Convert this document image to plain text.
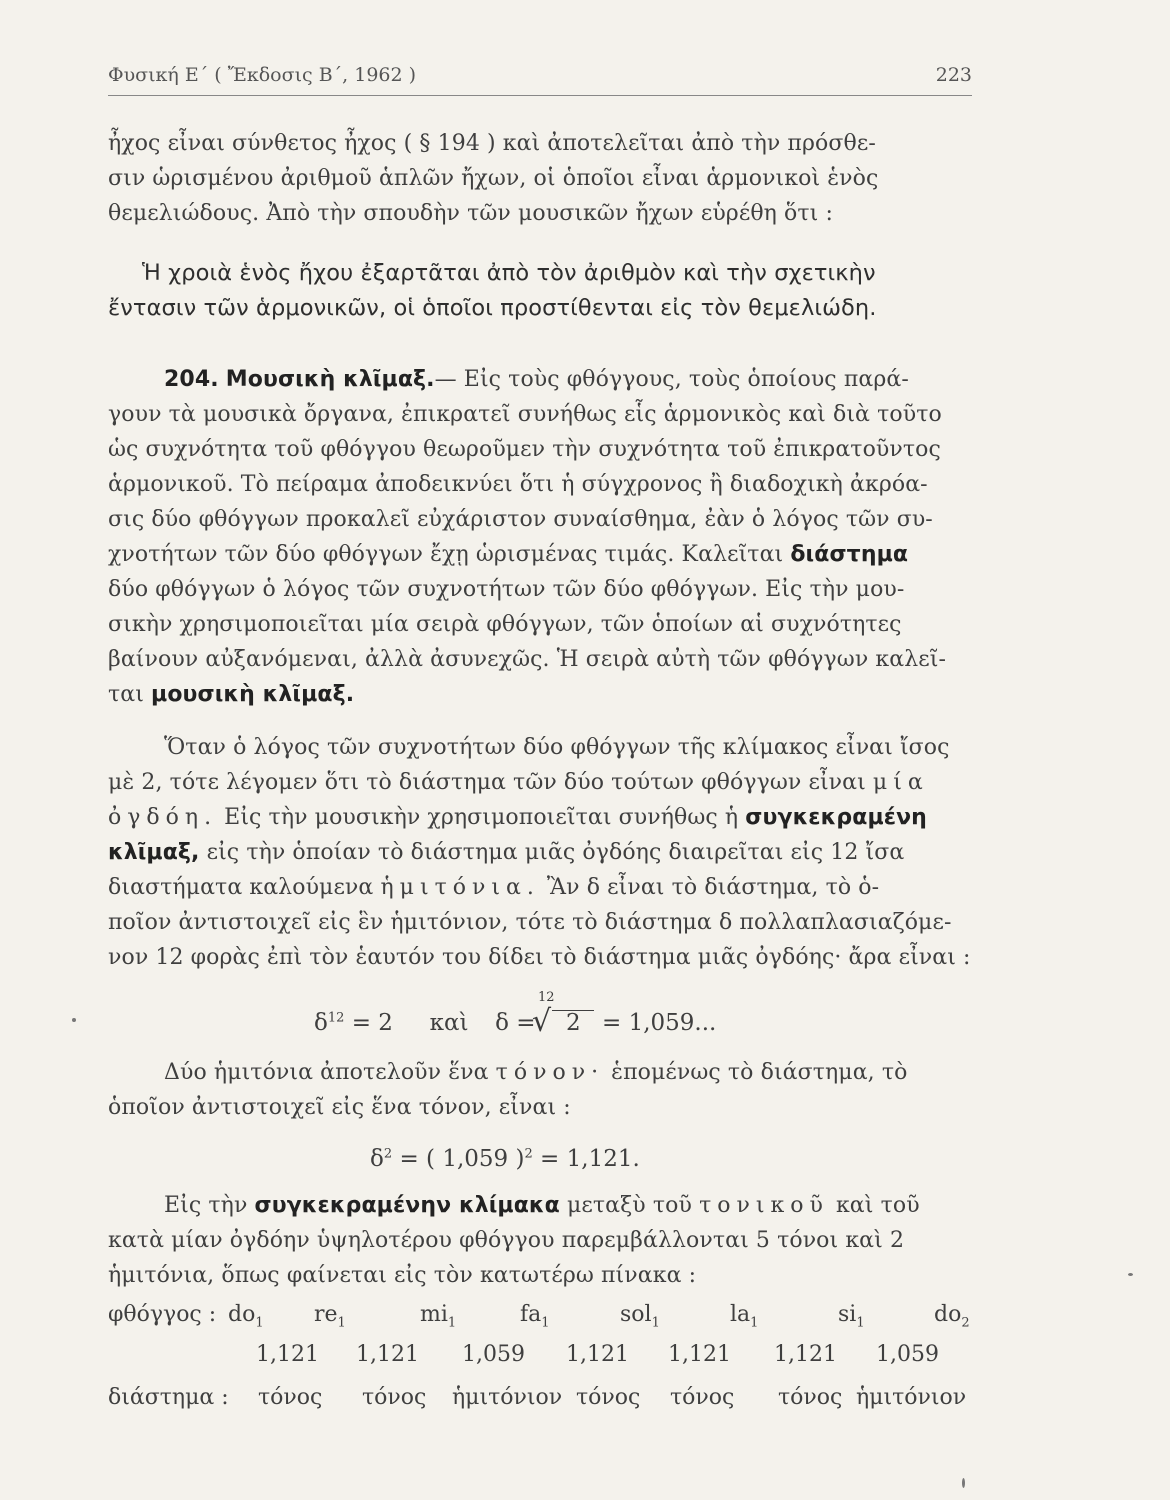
Φυσική Ε΄ ( Ἔκδοσις Β΄, 1962 )	223
ἦχος εἶναι σύνθετος ἦχος ( § 194 ) καὶ ἀποτελεῖται ἀπὸ τὴν πρόσθε-
σιν ὡρισμένου ἀριθμοῦ ἁπλῶν ἤχων, οἱ ὁποῖοι εἶναι ἁρμονικοὶ ἑνὸς
θεμελιώδους. Ἀπὸ τὴν σπουδὴν τῶν μουσικῶν ἤχων εὑρέθη ὅτι :
Ἡ χροιὰ ἑνὸς ἤχου ἐξαρτᾶται ἀπὸ τὸν ἀριθμὸν καὶ τὴν σχετικὴν
ἔντασιν τῶν ἁρμονικῶν, οἱ ὁποῖοι προστίθενται εἰς τὸν θεμελιώδη.
204. Μουσικὴ κλῖμαξ.— Εἰς τοὺς φθόγγους, τοὺς ὁποίους παρά-
γουν τὰ μουσικὰ ὄργανα, ἐπικρατεῖ συνήθως εἷς ἁρμονικὸς καὶ διὰ τοῦτο
ὡς συχνότητα τοῦ φθόγγου θεωροῦμεν τὴν συχνότητα τοῦ ἐπικρατοῦντος
ἁρμονικοῦ. Τὸ πείραμα ἀποδεικνύει ὅτι ἡ σύγχρονος ἢ διαδοχικὴ ἀκρόα-
σις δύο φθόγγων προκαλεῖ εὐχάριστον συναίσθημα, ἐὰν ὁ λόγος τῶν συ-
χνοτήτων τῶν δύο φθόγγων ἔχῃ ὡρισμένας τιμάς. Καλεῖται διάστημα
δύο φθόγγων ὁ λόγος τῶν συχνοτήτων τῶν δύο φθόγγων. Εἰς τὴν μου-
σικὴν χρησιμοποιεῖται μία σειρὰ φθόγγων, τῶν ὁποίων αἱ συχνότητες
βαίνουν αὐξανόμεναι, ἀλλὰ ἀσυνεχῶς. Ἡ σειρὰ αὐτὴ τῶν φθόγγων καλεῖ-
ται μουσικὴ κλῖμαξ.
Ὅταν ὁ λόγος τῶν συχνοτήτων δύο φθόγγων τῆς κλίμακος εἶναι ἴσος
μὲ 2, τότε λέγομεν ὅτι τὸ διάστημα τῶν δύο τούτων φθόγγων εἶναι μία
ὀγδόη. Εἰς τὴν μουσικὴν χρησιμοποιεῖται συνήθως ἡ συγκεκραμένη
κλῖμαξ, εἰς τὴν ὁποίαν τὸ διάστημα μιᾶς ὀγδόης διαιρεῖται εἰς 12 ἴσα
διαστήματα καλούμενα ἡμιτόνια. Ἂν δ εἶναι τὸ διάστημα, τὸ ὁ-
ποῖον ἀντιστοιχεῖ εἰς ἓν ἡμιτόνιον, τότε τὸ διάστημα δ πολλαπλασιαζόμε-
νον 12 φορὰς ἐπὶ τὸν ἑαυτόν του δίδει τὸ διάστημα μιᾶς ὀγδόης· ἄρα εἶναι :
$\delta^{12} = 2$ καὶ δ =
12
√ 2 = 1,059...
Δύο ἡμιτόνια ἀποτελοῦν ἕνα τόνον· ἑπομένως τὸ διάστημα, τὸ
ὁποῖον ἀντιστοιχεῖ εἰς ἕνα τόνον, εἶναι :
$\delta^2$ = ( 1,059 )$^2$ = 1,121.
Εἰς τὴν συγκεκραμένην κλίμακα μεταξὺ τοῦ τονικοῦ καὶ τοῦ
κατὰ μίαν ὀγδόην ὑψηλοτέρου φθόγγου παρεμβάλλονται 5 τόνοι καὶ 2
ἡμιτόνια, ὅπως φαίνεται εἰς τὸν κατωτέρω πίνακα :
φθόγγος : $do_1$ $re_1$	$mi_1$	$fa_1$	sol$_1$	$la_1$	$si_1$	$do_2$
1,121 1,121 1,059 1,121 1,121 1,121 1,059
διάστημα : τόνος τόνος ἡμιτόνιον τόνος τόνος τόνος ἡμιτόνιον
